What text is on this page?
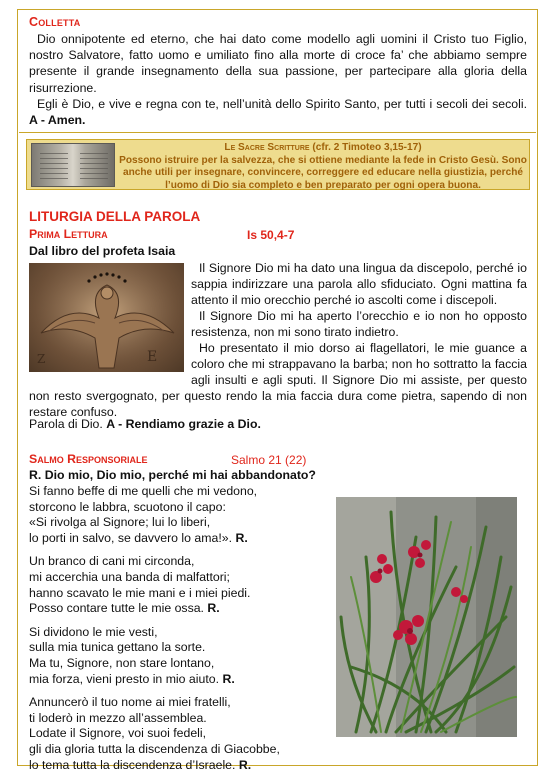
Colletta

Dio onnipotente ed eterno, che hai dato come modello agli uomini il Cristo tuo Figlio, nostro Salvatore, fatto uomo e umiliato fino alla morte di croce fa’ che abbiamo sempre presente il grande insegnamento della sua passione, per partecipare alla gloria della risurrezione.

Egli è Dio, e vive e regna con te, nell’unità dello Spirito Santo, per tutti i secoli dei secoli. A - Amen.

Le Sacre Scritture (cfr. 2 Timoteo 3,15-17)
Possono istruire per la salvezza, che si ottiene mediante la fede in Cristo Gesù. Sono anche utili per insegnare, convincere, correggere ed educare nella giustizia, perché l’uomo di Dio sia completo e ben preparato per ogni opera buona.
LITURGIA DELLA PAROLA
Prima Lettura	Is 50,4-7
Dal libro del profeta Isaia
E
Z

Il Signore Dio mi ha dato una lingua da discepolo, perché io sappia indirizzare una parola allo sfiduciato. Ogni mattina fa attento il mio orecchio perché io ascolti come i discepoli.

Il Signore Dio mi ha aperto l’orecchio e io non ho opposto resistenza, non mi sono tirato indietro.

Ho presentato il mio dorso ai flagellatori, le mie guance a coloro che mi strappavano la barba; non ho sottratto la faccia agli insulti e agli sputi. Il Signore Dio mi assiste, per questo non resto svergognato, per questo rendo la mia faccia dura come pietra, sapendo di non restare confuso.

Parola di Dio. A - Rendiamo grazie a Dio.
Salmo Responsoriale	Salmo 21 (22)
R. Dio mio, Dio mio, perché mi hai abbandonato?
Si fanno beffe di me quelli che mi vedono,
storcono le labbra, scuotono il capo:
«Si rivolga al Signore; lui lo liberi,
lo porti in salvo, se davvero lo ama!». R.
Un branco di cani mi circonda,
mi accerchia una banda di malfattori;
hanno scavato le mie mani e i miei piedi.
Posso contare tutte le mie ossa. R.
Si dividono le mie vesti,
sulla mia tunica gettano la sorte.
Ma tu, Signore, non stare lontano,
mia forza, vieni presto in mio aiuto. R.
Annuncerò il tuo nome ai miei fratelli,
ti loderò in mezzo all’assemblea.
Lodate il Signore, voi suoi fedeli,
gli dia gloria tutta la discendenza di Giacobbe,
lo tema tutta la discendenza d’Israele. R.
